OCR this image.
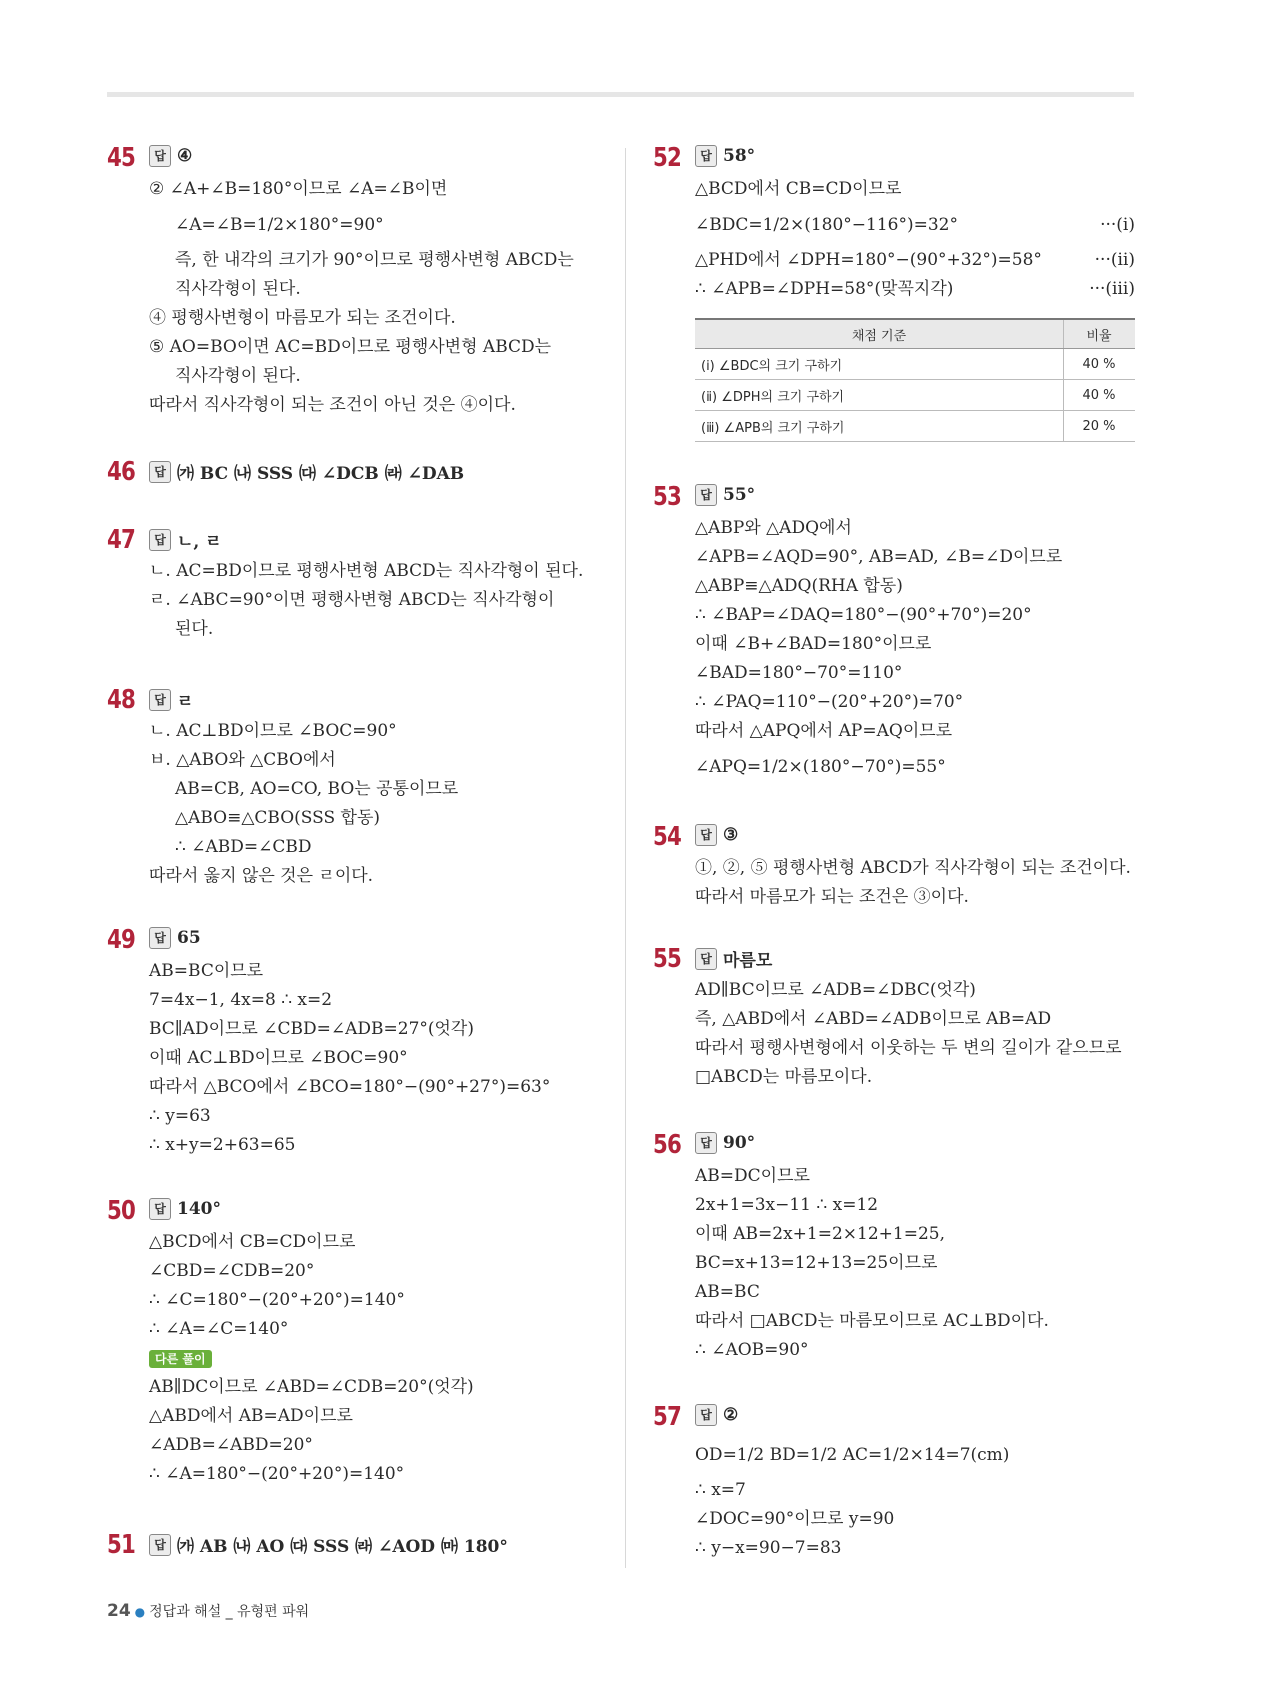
45	답 ④
② ∠A+∠B=180°이므로 ∠A=∠B이면
∠A=∠B=1/2×180°=90°
즉, 한 내각의 크기가 90°이므로 평행사변형 ABCD는
직사각형이 된다.
④ 평행사변형이 마름모가 되는 조건이다.
⑤ AO=BO이면 AC=BD이므로 평행사변형 ABCD는
직사각형이 된다.
따라서 직사각형이 되는 조건이 아닌 것은 ④이다.
46	답 ㈎ BC ㈏ SSS ㈐ ∠DCB ㈑ ∠DAB
47	답 ㄴ, ㄹ
ㄴ. AC=BD이므로 평행사변형 ABCD는 직사각형이 된다.
ㄹ. ∠ABC=90°이면 평행사변형 ABCD는 직사각형이
된다.
48	답 ㄹ
ㄴ. AC⊥BD이므로 ∠BOC=90°
ㅂ. △ABO와 △CBO에서
AB=CB, AO=CO, BO는 공통이므로
△ABO≡△CBO(SSS 합동)
∴ ∠ABD=∠CBD
따라서 옳지 않은 것은 ㄹ이다.
49	답 65
AB=BC이므로
7=4x−1, 4x=8 ∴ x=2
BC∥AD이므로 ∠CBD=∠ADB=27°(엇각)
이때 AC⊥BD이므로 ∠BOC=90°
따라서 △BCO에서 ∠BCO=180°−(90°+27°)=63°
∴ y=63
∴ x+y=2+63=65
50	답 140°
△BCD에서 CB=CD이므로
∠CBD=∠CDB=20°
∴ ∠C=180°−(20°+20°)=140°
∴ ∠A=∠C=140°
다른 풀이
AB∥DC이므로 ∠ABD=∠CDB=20°(엇각)
△ABD에서 AB=AD이므로
∠ADB=∠ABD=20°
∴ ∠A=180°−(20°+20°)=140°
51	답 ㈎ AB ㈏ AO ㈐ SSS ㈑ ∠AOD ㈒ 180°
52	답 58°
△BCD에서 CB=CD이므로
∠BDC=1/2×(180°−116°)=32°	···(ⅰ)
△PHD에서 ∠DPH=180°−(90°+32°)=58°	···(ⅱ)
∴ ∠APB=∠DPH=58°(맞꼭지각)	···(ⅲ)
채점 기준	비율
(ⅰ) ∠BDC의 크기 구하기	40 %
(ⅱ) ∠DPH의 크기 구하기	40 %
(ⅲ) ∠APB의 크기 구하기	20 %
53	답 55°
△ABP와 △ADQ에서
∠APB=∠AQD=90°, AB=AD, ∠B=∠D이므로
△ABP≡△ADQ(RHA 합동)
∴ ∠BAP=∠DAQ=180°−(90°+70°)=20°
이때 ∠B+∠BAD=180°이므로
∠BAD=180°−70°=110°
∴ ∠PAQ=110°−(20°+20°)=70°
따라서 △APQ에서 AP=AQ이므로
∠APQ=1/2×(180°−70°)=55°
54	답 ③
①, ②, ⑤ 평행사변형 ABCD가 직사각형이 되는 조건이다.
따라서 마름모가 되는 조건은 ③이다.
55	답 마름모
AD∥BC이므로 ∠ADB=∠DBC(엇각)
즉, △ABD에서 ∠ABD=∠ADB이므로 AB=AD
따라서 평행사변형에서 이웃하는 두 변의 길이가 같으므로
□ABCD는 마름모이다.
56	답 90°
AB=DC이므로
2x+1=3x−11 ∴ x=12
이때 AB=2x+1=2×12+1=25,
BC=x+13=12+13=25이므로
AB=BC
따라서 □ABCD는 마름모이므로 AC⊥BD이다.
∴ ∠AOB=90°
57	답 ②
OD=1/2 BD=1/2 AC=1/2×14=7(cm)
∴ x=7
∠DOC=90°이므로 y=90
∴ y−x=90−7=83
24 ● 정답과 해설 _ 유형편 파워
